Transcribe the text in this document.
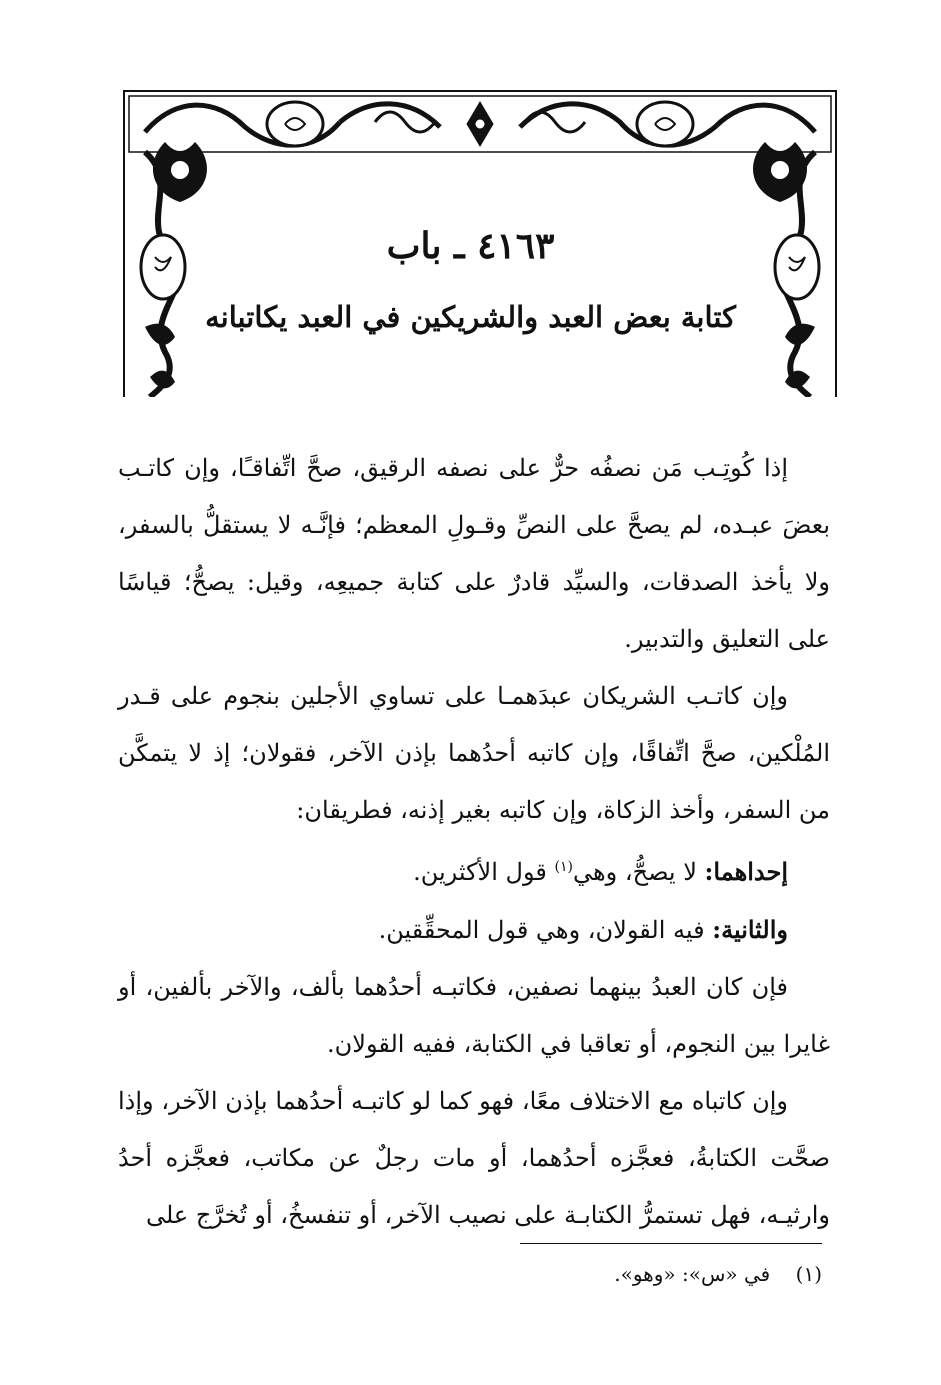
٤١٦٣ ـ باب
كتابة بعض العبد والشريكين في العبد يكاتبانه

إذا كُوتِـب مَن نصفُه حرٌّ على نصفه الرقيق، صحَّ اتِّفاقـًا، وإن كاتـب بعضَ عبـده، لم يصحَّ على النصِّ وقـولِ المعظم؛ فإنَّـه لا يستقلُّ بالسفر، ولا يأخذ الصدقات، والسيِّد قادرٌ على كتابة جميعِه، وقيل: يصحُّ؛ قياسًا على التعليق والتدبير.

وإن كاتـب الشريكان عبدَهمـا على تساوي الأجلين بنجوم على قـدر المُلْكين، صحَّ اتِّفاقًا، وإن كاتبه أحدُهما بإذن الآخر، فقولان؛ إذ لا يتمكَّن من السفر، وأخذ الزكاة، وإن كاتبه بغير إذنه، فطريقان:

إحداهما: لا يصحُّ، وهي$^{(١)}$ قول الأكثرين.

والثانية: فيه القولان، وهي قول المحقِّقين.

فإن كان العبدُ بينهما نصفين، فكاتبـه أحدُهما بألف، والآخر بألفين، أو غايرا بين النجوم، أو تعاقبا في الكتابة، ففيه القولان.

وإن كاتباه مع الاختلاف معًا، فهو كما لو كاتبـه أحدُهما بإذن الآخر، وإذا صحَّت الكتابةُ، فعجَّزه أحدُهما، أو مات رجلٌ عن مكاتب، فعجَّزه أحدُ وارثيـه، فهل تستمرُّ الكتابـة على نصيب الآخر، أو تنفسخُ، أو تُخرَّج على

(١)    في «س»: «وهو».
